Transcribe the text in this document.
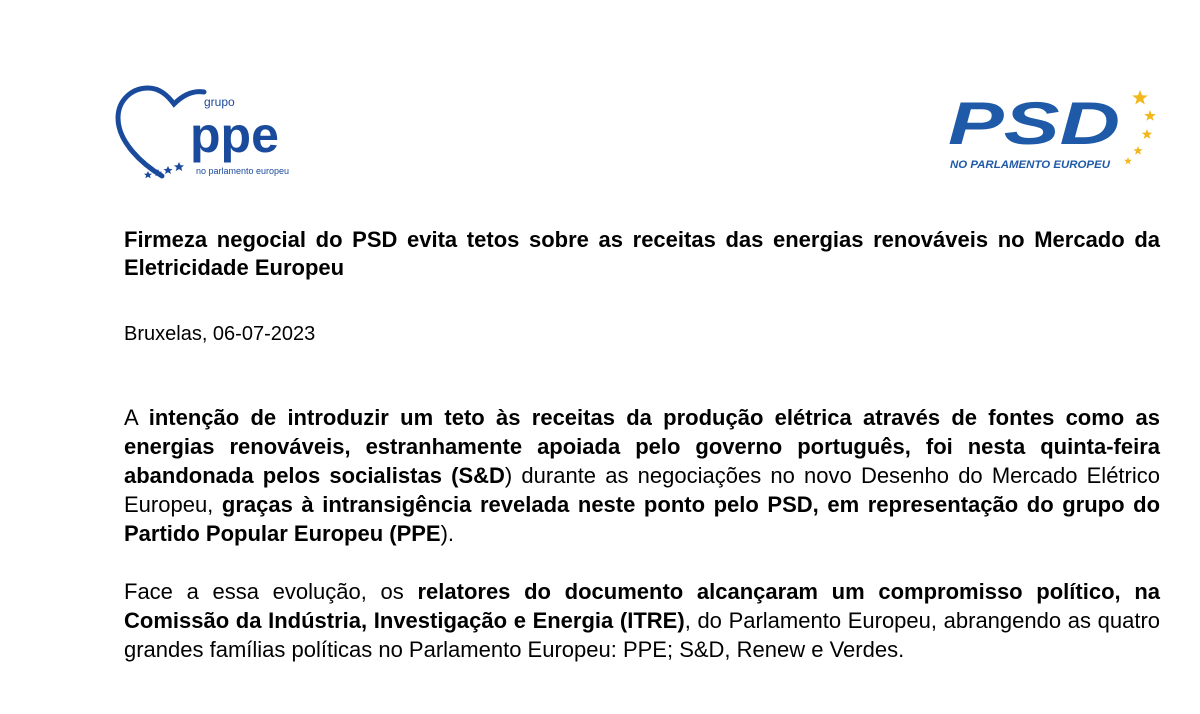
grupo
ppe
no parlamento europeu
PSD
NO PARLAMENTO EUROPEU
Firmeza negocial do PSD evita tetos sobre as receitas das energias renováveis no Mercado da Eletricidade Europeu

Bruxelas, 06-07-2023

A intenção de introduzir um teto às receitas da produção elétrica através de fontes como as energias renováveis, estranhamente apoiada pelo governo português, foi nesta quinta-feira abandonada pelos socialistas (S&D) durante as negociações no novo Desenho do Mercado Elétrico Europeu, graças à intransigência revelada neste ponto pelo PSD, em representação do grupo do Partido Popular Europeu (PPE).

Face a essa evolução, os relatores do documento alcançaram um compromisso político, na Comissão da Indústria, Investigação e Energia (ITRE), do Parlamento Europeu, abrangendo as quatro grandes famílias políticas no Parlamento Europeu: PPE; S&D, Renew e Verdes.
